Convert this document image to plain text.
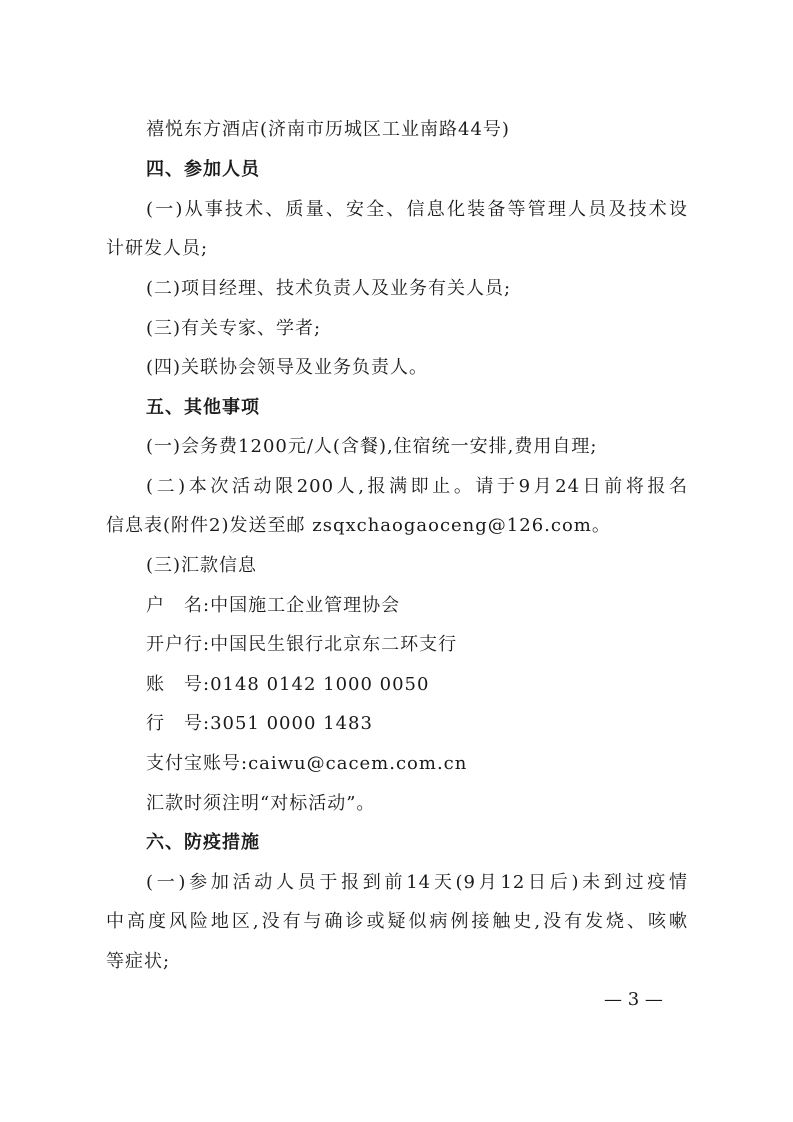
禧悦东方酒店(济南市历城区工业南路44号)
四、参加人员
(一)从事技术、质量、安全、信息化装备等管理人员及技术设
计研发人员;
(二)项目经理、技术负责人及业务有关人员;
(三)有关专家、学者;
(四)关联协会领导及业务负责人。
五、其他事项
(一)会务费1200元/人(含餐),住宿统一安排,费用自理;
(二)本次活动限200人,报满即止。请于9月24日前将报名
信息表(附件2)发送至邮 zsqxchaogaoceng@126.com。
(三)汇款信息
户　名:中国施工企业管理协会
开户行:中国民生银行北京东二环支行
账　号:0148 0142 1000 0050
行　号:3051 0000 1483
支付宝账号:caiwu@cacem.com.cn
汇款时须注明“对标活动”。
六、防疫措施
(一)参加活动人员于报到前14天(9月12日后)未到过疫情
中高度风险地区,没有与确诊或疑似病例接触史,没有发烧、咳嗽
等症状;
— 3 —
